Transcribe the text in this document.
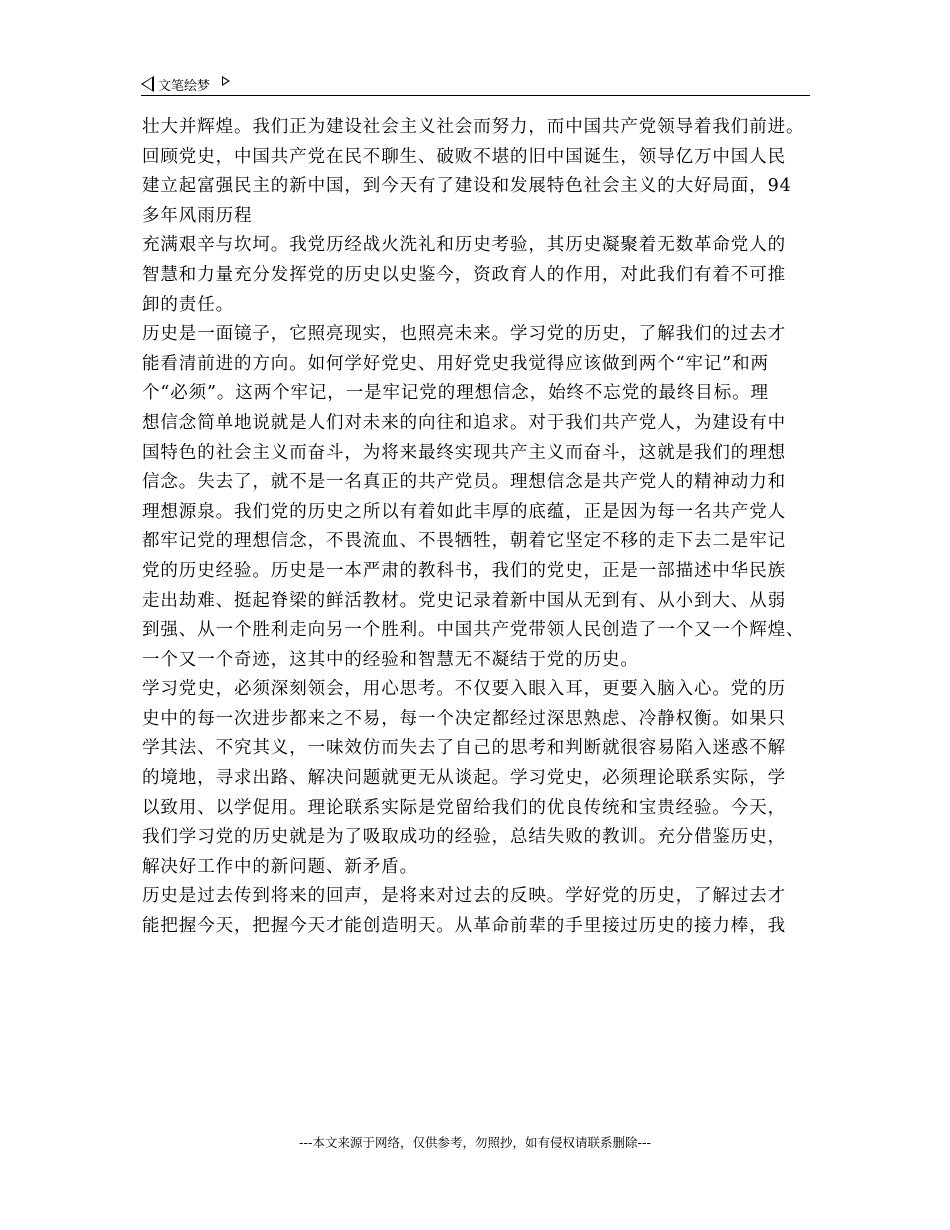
文笔绘梦
壮大并辉煌。我们正为建设社会主义社会而努力，而中国共产党领导着我们前进。
回顾党史，中国共产党在民不聊生、破败不堪的旧中国诞生，领导亿万中国人民
建立起富强民主的新中国，到今天有了建设和发展特色社会主义的大好局面，94
多年风雨历程
充满艰辛与坎坷。我党历经战火洗礼和历史考验，其历史凝聚着无数革命党人的
智慧和力量充分发挥党的历史以史鉴今，资政育人的作用，对此我们有着不可推
卸的责任。
历史是一面镜子，它照亮现实，也照亮未来。学习党的历史，了解我们的过去才
能看清前进的方向。如何学好党史、用好党史我觉得应该做到两个“牢记”和两
个“必须”。这两个牢记，一是牢记党的理想信念，始终不忘党的最终目标。理
想信念简单地说就是人们对未来的向往和追求。对于我们共产党人，为建设有中
国特色的社会主义而奋斗，为将来最终实现共产主义而奋斗，这就是我们的理想
信念。失去了，就不是一名真正的共产党员。理想信念是共产党人的精神动力和
理想源泉。我们党的历史之所以有着如此丰厚的底蕴，正是因为每一名共产党人
都牢记党的理想信念，不畏流血、不畏牺牲，朝着它坚定不移的走下去二是牢记
党的历史经验。历史是一本严肃的教科书，我们的党史，正是一部描述中华民族
走出劫难、挺起脊梁的鲜活教材。党史记录着新中国从无到有、从小到大、从弱
到强、从一个胜利走向另一个胜利。中国共产党带领人民创造了一个又一个辉煌、
一个又一个奇迹，这其中的经验和智慧无不凝结于党的历史。
学习党史，必须深刻领会，用心思考。不仅要入眼入耳，更要入脑入心。党的历
史中的每一次进步都来之不易，每一个决定都经过深思熟虑、冷静权衡。如果只
学其法、不究其义，一味效仿而失去了自己的思考和判断就很容易陷入迷惑不解
的境地，寻求出路、解决问题就更无从谈起。学习党史，必须理论联系实际，学
以致用、以学促用。理论联系实际是党留给我们的优良传统和宝贵经验。今天，
我们学习党的历史就是为了吸取成功的经验，总结失败的教训。充分借鉴历史，
解决好工作中的新问题、新矛盾。
历史是过去传到将来的回声，是将来对过去的反映。学好党的历史，了解过去才
能把握今天，把握今天才能创造明天。从革命前辈的手里接过历史的接力棒，我
---本文来源于网络，仅供参考，勿照抄，如有侵权请联系删除---
